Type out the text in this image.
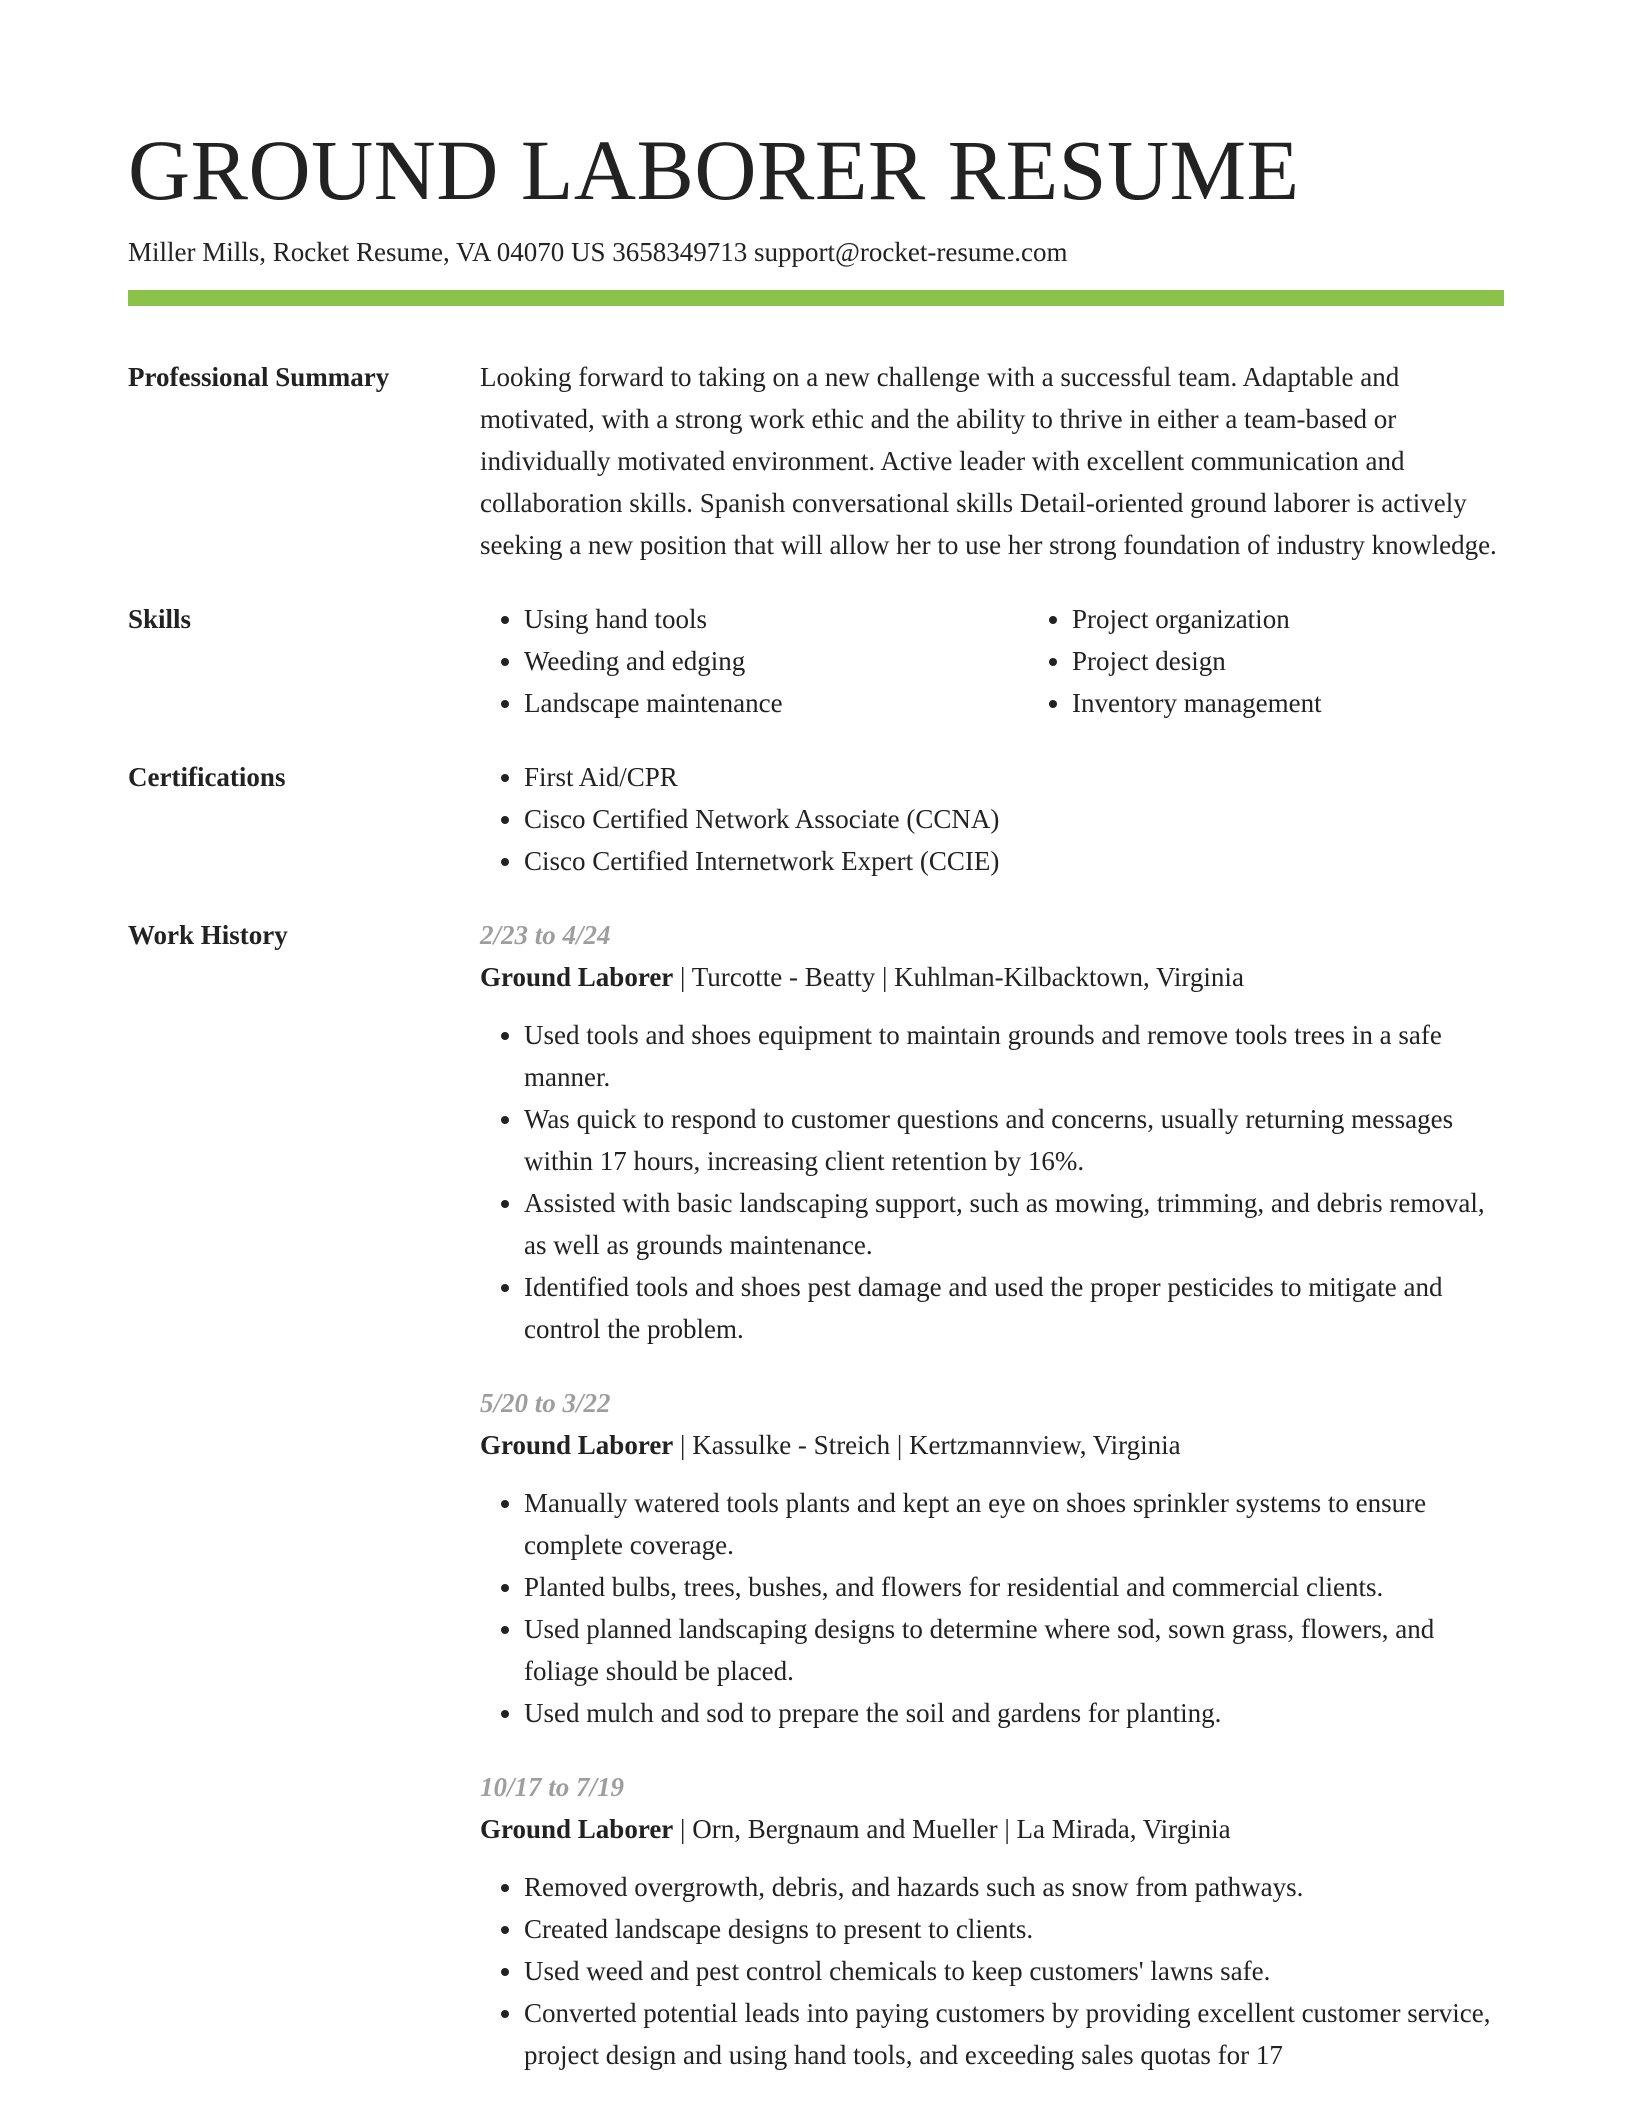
GROUND LABORER RESUME
Miller Mills, Rocket Resume, VA 04070 US 3658349713 support@rocket-resume.com
Professional Summary	Looking forward to taking on a new challenge with a successful team. Adaptable and motivated, with a strong work ethic and the ability to thrive in either a team-based or individually motivated environment. Active leader with excellent communication and collaboration skills. Spanish conversational skills Detail-oriented ground laborer is actively seeking a new position that will allow her to use her strong foundation of industry knowledge.
Skills	• Using hand tools
• Weeding and edging
• Landscape maintenance
• Project organization
• Project design
• Inventory management
Certifications	• First Aid/CPR
• Cisco Certified Network Associate (CCNA)
• Cisco Certified Internetwork Expert (CCIE)
Work History	2/23 to 4/24
Ground Laborer | Turcotte - Beatty | Kuhlman-Kilbacktown, Virginia
• Used tools and shoes equipment to maintain grounds and remove tools trees in a safe manner.
• Was quick to respond to customer questions and concerns, usually returning messages within 17 hours, increasing client retention by 16%.
• Assisted with basic landscaping support, such as mowing, trimming, and debris removal, as well as grounds maintenance.
• Identified tools and shoes pest damage and used the proper pesticides to mitigate and control the problem.
5/20 to 3/22
Ground Laborer | Kassulke - Streich | Kertzmannview, Virginia
• Manually watered tools plants and kept an eye on shoes sprinkler systems to ensure complete coverage.
• Planted bulbs, trees, bushes, and flowers for residential and commercial clients.
• Used planned landscaping designs to determine where sod, sown grass, flowers, and foliage should be placed.
• Used mulch and sod to prepare the soil and gardens for planting.
10/17 to 7/19
Ground Laborer | Orn, Bergnaum and Mueller | La Mirada, Virginia
• Removed overgrowth, debris, and hazards such as snow from pathways.
• Created landscape designs to present to clients.
• Used weed and pest control chemicals to keep customers' lawns safe.
• Converted potential leads into paying customers by providing excellent customer service, project design and using hand tools, and exceeding sales quotas for 17
